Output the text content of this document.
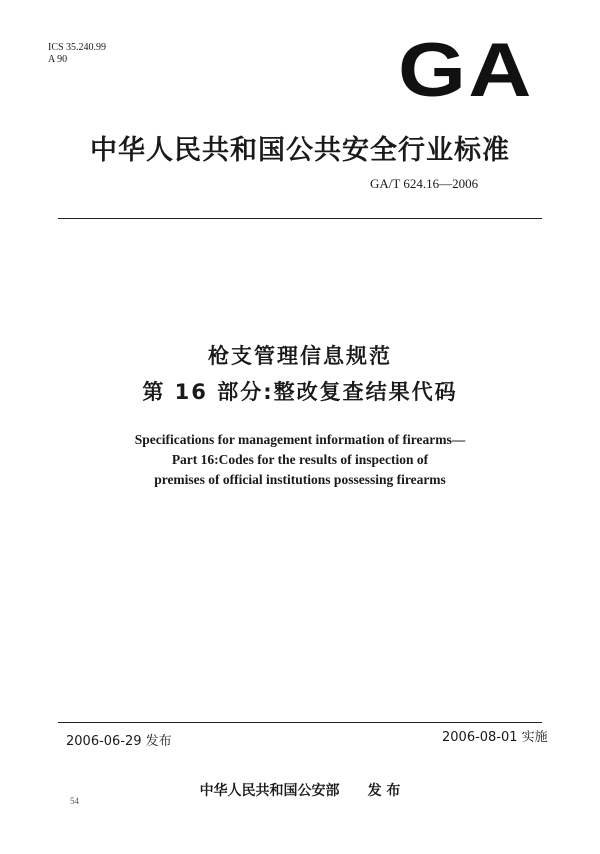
ICS 35.240.99
A 90	GA
中华人民共和国公共安全行业标准
GA/T 624.16—2006
枪支管理信息规范
第 16 部分:整改复查结果代码
Specifications for management information of firearms—
Part 16:Codes for the results of inspection of
premises of official institutions possessing firearms
2006-06-29 发布	2006-08-01 实施
中华人民共和国公安部 发 布
54
